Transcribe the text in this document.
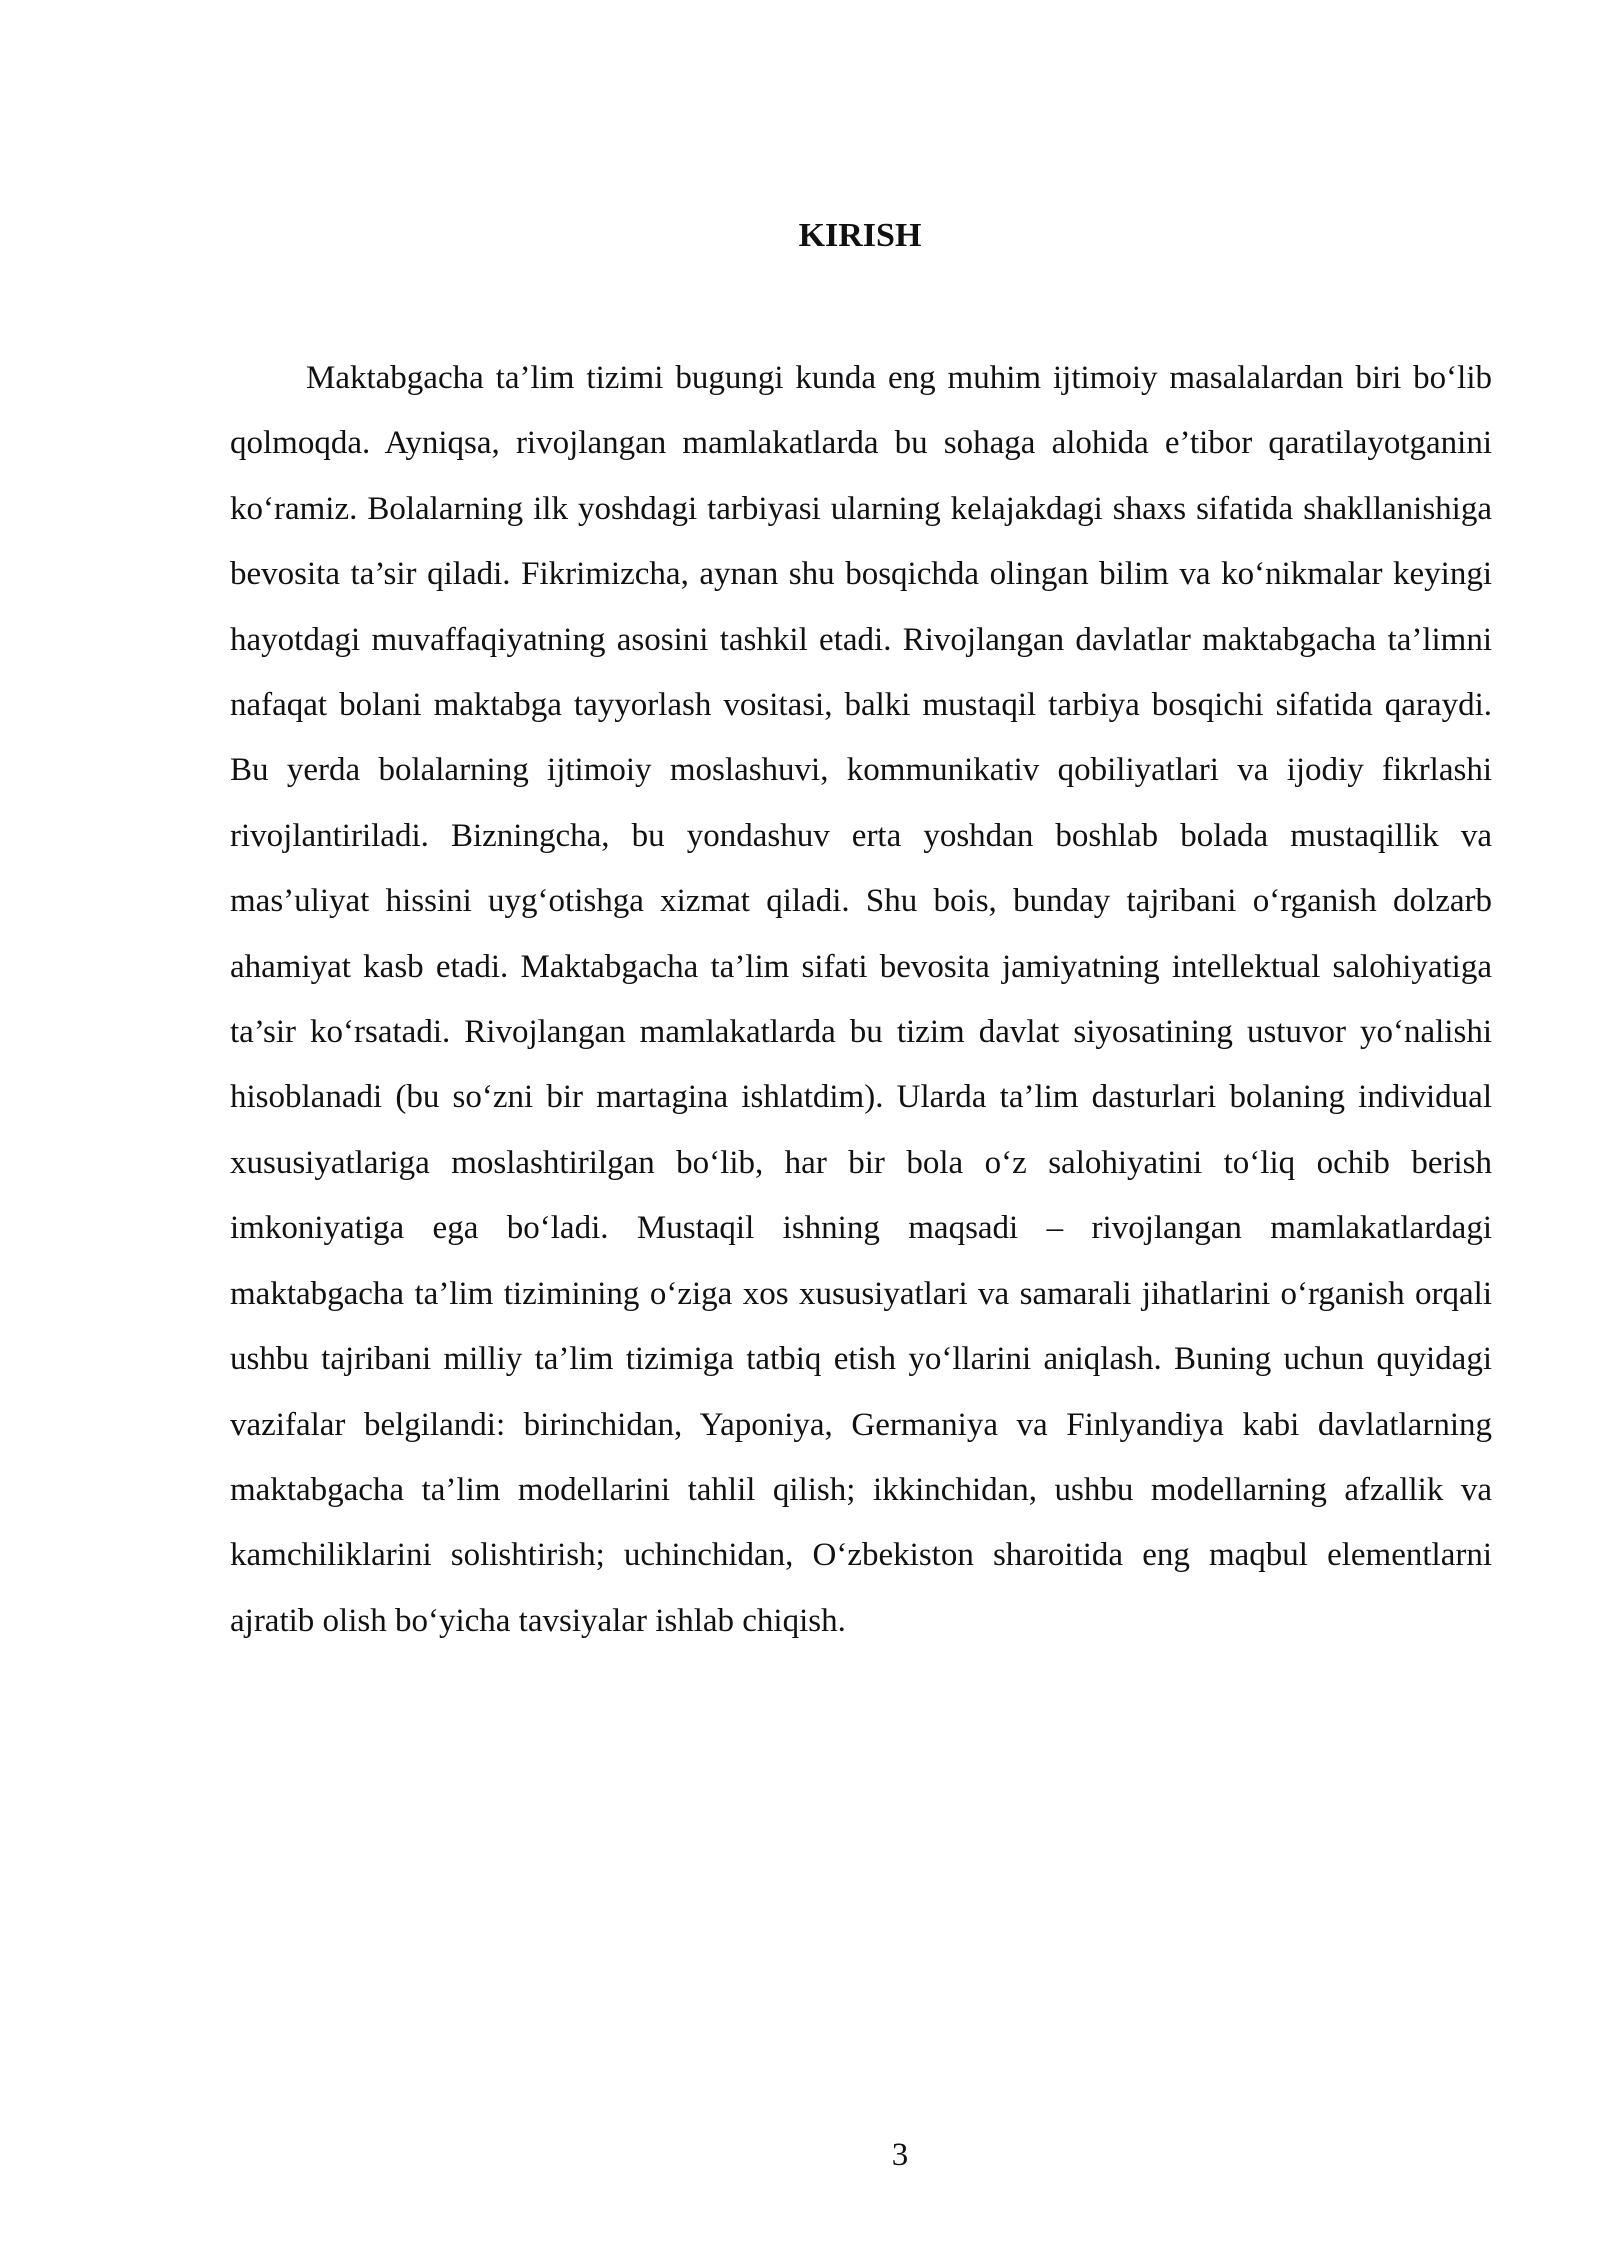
KIRISH

Maktabgacha ta’lim tizimi bugungi kunda eng muhim ijtimoiy masalalardan biri bo‘lib qolmoqda. Ayniqsa, rivojlangan mamlakatlarda bu sohaga alohida e’tibor qaratilayotganini ko‘ramiz. Bolalarning ilk yoshdagi tarbiyasi ularning kelajakdagi shaxs sifatida shakllanishiga bevosita ta’sir qiladi. Fikrimizcha, aynan shu bosqichda olingan bilim va ko‘nikmalar keyingi hayotdagi muvaffaqiyatning asosini tashkil etadi. Rivojlangan davlatlar maktabgacha ta’limni nafaqat bolani maktabga tayyorlash vositasi, balki mustaqil tarbiya bosqichi sifatida qaraydi. Bu yerda bolalarning ijtimoiy moslashuvi, kommunikativ qobiliyatlari va ijodiy fikrlashi rivojlantiriladi. Bizningcha, bu yondashuv erta yoshdan boshlab bolada mustaqillik va mas’uliyat hissini uyg‘otishga xizmat qiladi. Shu bois, bunday tajribani o‘rganish dolzarb ahamiyat kasb etadi. Maktabgacha ta’lim sifati bevosita jamiyatning intellektual salohiyatiga ta’sir ko‘rsatadi. Rivojlangan mamlakatlarda bu tizim davlat siyosatining ustuvor yo‘nalishi hisoblanadi (bu so‘zni bir martagina ishlatdim). Ularda ta’lim dasturlari bolaning individual xususiyatlariga moslashtirilgan bo‘lib, har bir bola o‘z salohiyatini to‘liq ochib berish imkoniyatiga ega bo‘ladi. Mustaqil ishning maqsadi – rivojlangan mamlakatlardagi maktabgacha ta’lim tizimining o‘ziga xos xususiyatlari va samarali jihatlarini o‘rganish orqali ushbu tajribani milliy ta’lim tizimiga tatbiq etish yo‘llarini aniqlash. Buning uchun quyidagi vazifalar belgilandi: birinchidan, Yaponiya, Germaniya va Finlyandiya kabi davlatlarning maktabgacha ta’lim modellarini tahlil qilish; ikkinchidan, ushbu modellarning afzallik va kamchiliklarini solishtirish; uchinchidan, O‘zbekiston sharoitida eng maqbul elementlarni ajratib olish bo‘yicha tavsiyalar ishlab chiqish.

3
